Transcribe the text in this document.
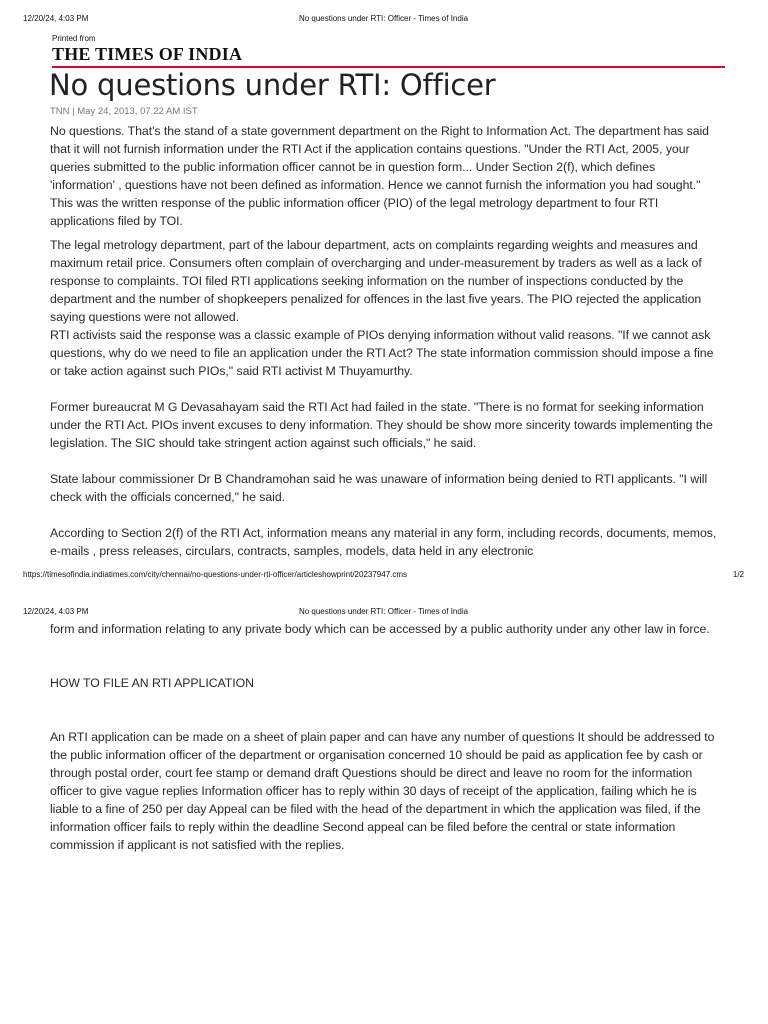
12/20/24, 4:03 PM	No questions under RTI: Officer - Times of India
Printed from
THE TIMES OF INDIA
No questions under RTI: Officer
TNN | May 24, 2013, 07.22 AM IST

No questions. That's the stand of a state government department on the Right to Information Act. The department has said that it will not furnish information under the RTI Act if the application contains questions. "Under the RTI Act, 2005, your queries submitted to the public information officer cannot be in question form... Under Section 2(f), which defines 'information' , questions have not been defined as information. Hence we cannot furnish the information you had sought." This was the written response of the public information officer (PIO) of the legal metrology department to four RTI applications filed by TOI.

The legal metrology department, part of the labour department, acts on complaints regarding weights and measures and maximum retail price. Consumers often complain of overcharging and under-measurement by traders as well as a lack of response to complaints. TOI filed RTI applications seeking information on the number of inspections conducted by the department and the number of shopkeepers penalized for offences in the last five years. The PIO rejected the application saying questions were not allowed.

RTI activists said the response was a classic example of PIOs denying information without valid reasons. "If we cannot ask questions, why do we need to file an application under the RTI Act? The state information commission should impose a fine or take action against such PIOs," said RTI activist M Thuyamurthy.

Former bureaucrat M G Devasahayam said the RTI Act had failed in the state. "There is no format for seeking information under the RTI Act. PIOs invent excuses to deny information. They should be show more sincerity towards implementing the legislation. The SIC should take stringent action against such officials," he said.

State labour commissioner Dr B Chandramohan said he was unaware of information being denied to RTI applicants. "I will check with the officials concerned," he said.

According to Section 2(f) of the RTI Act, information means any material in any form, including records, documents, memos, e-mails , press releases, circulars, contracts, samples, models, data held in any electronic

https://timesofindia.indiatimes.com/city/chennai/no-questions-under-rti-officer/articleshowprint/20237947.cms	1/2
12/20/24, 4:03 PM	No questions under RTI: Officer - Times of India

form and information relating to any private body which can be accessed by a public authority under any other law in force.

HOW TO FILE AN RTI APPLICATION

An RTI application can be made on a sheet of plain paper and can have any number of questions It should be addressed to the public information officer of the department or organisation concerned 10 should be paid as application fee by cash or through postal order, court fee stamp or demand draft Questions should be direct and leave no room for the information officer to give vague replies Information officer has to reply within 30 days of receipt of the application, failing which he is liable to a fine of 250 per day Appeal can be filed with the head of the department in which the application was filed, if the information officer fails to reply within the deadline Second appeal can be filed before the central or state information commission if applicant is not satisfied with the replies.
